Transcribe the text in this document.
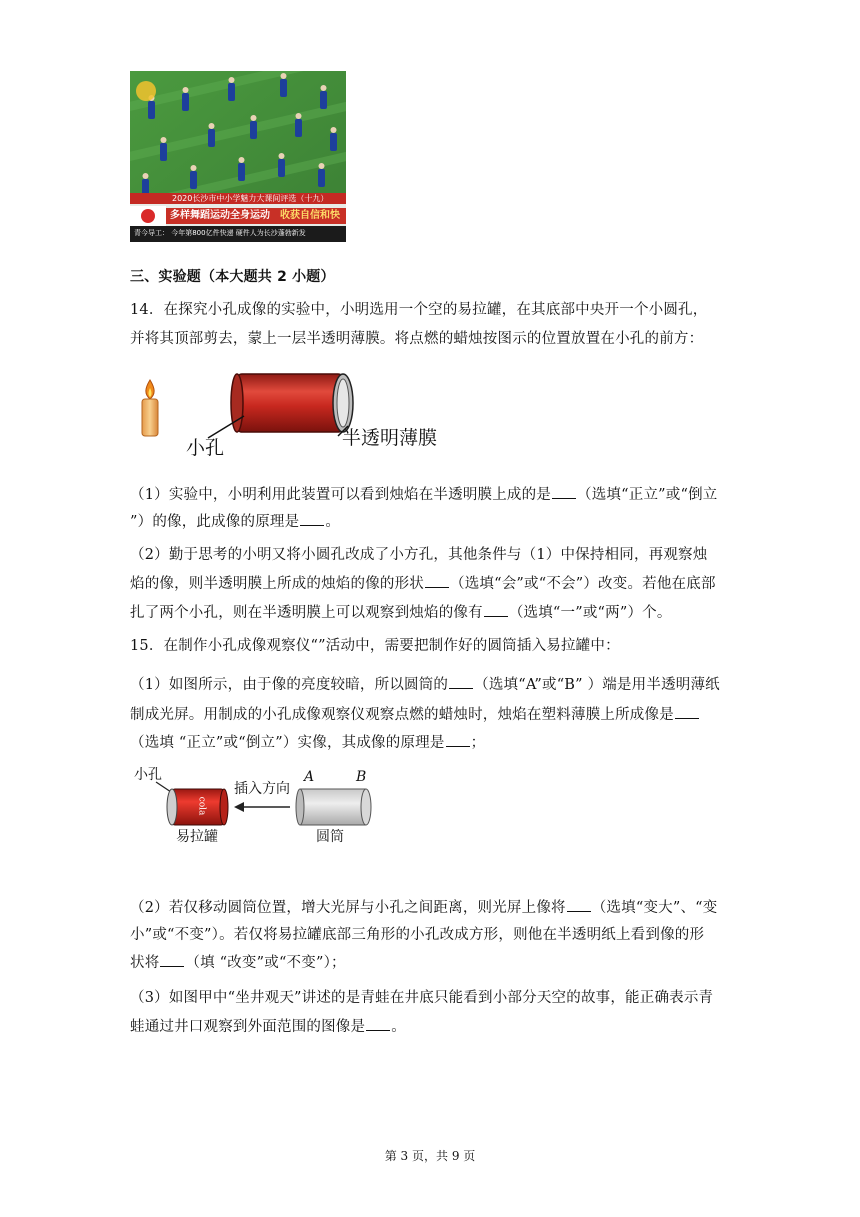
2020长沙市中小学魅力大课间评选（十九）
多样舞蹈运动全身运动 收获自信和快
青今导工： 今年第800亿件快递 硬件人为长沙蓬勃新发
三、实验题（本大题共 2 小题）
14．在探究小孔成像的实验中，小明选用一个空的易拉罐，在其底部中央开一个小圆孔，
并将其顶部剪去，蒙上一层半透明薄膜。将点燃的蜡烛按图示的位置放置在小孔的前方：
小孔	半透明薄膜
（1）实验中，小明利用此装置可以看到烛焰在半透明膜上成的是 （选填“正立”或“倒立
”）的像，此成像的原理是 。
（2）勤于思考的小明又将小圆孔改成了小方孔，其他条件与（1）中保持相同，再观察烛
焰的像，则半透明膜上所成的烛焰的像的形状 （选填“会”或“不会”）改变。若他在底部
扎了两个小孔，则在半透明膜上可以观察到烛焰的像有 （选填“一”或“两”）个。
15．在制作小孔成像观察仪“”活动中，需要把制作好的圆筒插入易拉罐中：
（1）如图所示，由于像的亮度较暗，所以圆筒的 （选填“A”或“B” ）端是用半透明薄纸
制成光屏。用制成的小孔成像观察仪观察点燃的蜡烛时，烛焰在塑料薄膜上所成像是
（选填 “正立”或“倒立”）实像，其成像的原理是 ；
小孔
插入方向
A	B
cola
易拉罐	圆筒
（2）若仅移动圆筒位置，增大光屏与小孔之间距离，则光屏上像将 （选填“变大”、“变
小”或“不变”）。若仅将易拉罐底部三角形的小孔改成方形，则他在半透明纸上看到像的形
状将 （填 “改变”或“不变”）；
（3）如图甲中“坐井观天”讲述的是青蛙在井底只能看到小部分天空的故事，能正确表示青
蛙通过井口观察到外面范围的图像是 。
第 3 页，共 9 页
